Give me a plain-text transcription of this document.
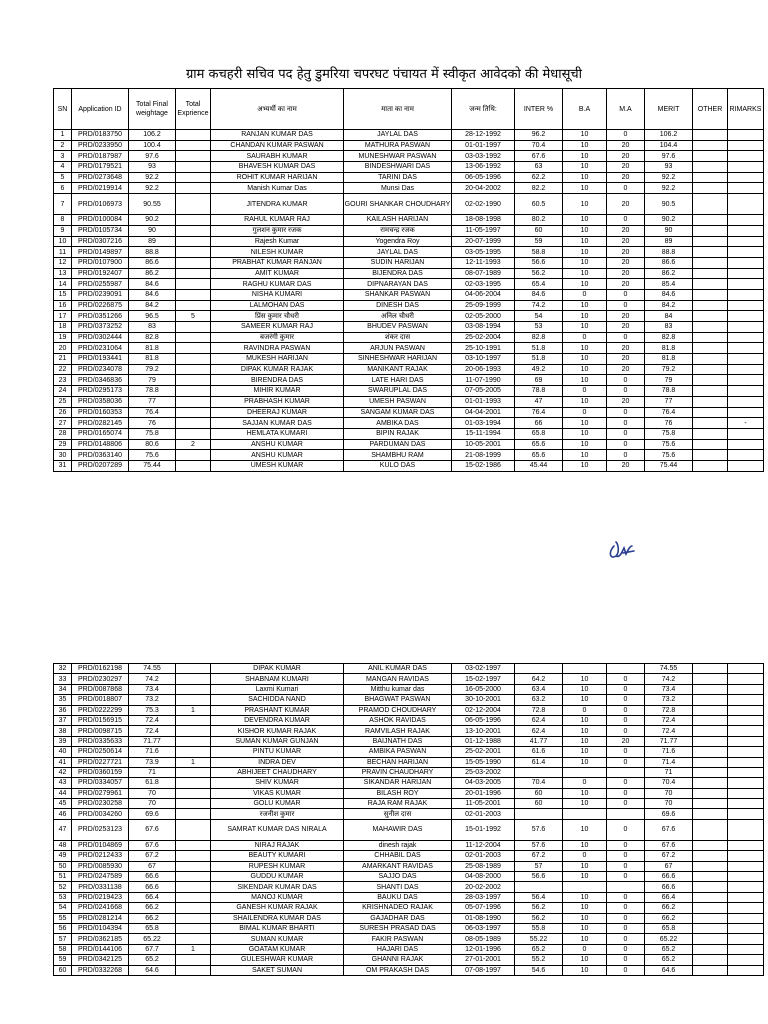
ग्राम कचहरी सचिव पद हेतु डुमरिया चपरघट पंचायत में स्वीकृत आवेदको की मेधासूची
SN	Application ID	Total Final weightage	Total Exprience	अभ्यर्थी का नाम	माता का नाम	जन्म तिथि:	INTER %	B.A	M.A	MERIT	OTHER	RIMARKS
1	PRD/0183750	106.2		RANJAN KUMAR DAS	JAYLAL DAS	28-12-1992	96.2	10	0	106.2		
2	PRD/0233950	100.4		CHANDAN KUMAR PASWAN	MATHURA PASWAN	01-01-1997	70.4	10	20	104.4		
3	PRD/0187987	97.6		SAURABH KUMAR	MUNESHWAR PASWAN	03-03-1992	67.6	10	20	97.6		
4	PRD/0179521	93		BHAVESH KUMAR DAS	BINDESHWARI DAS	13-06-1992	63	10	20	93		
5	PRD/0273648	92.2		ROHIT KUMAR HARIJAN	TARINI DAS	06-05-1996	62.2	10	20	92.2		
6	PRD/0219914	92.2		Manish Kumar Das	Munsi Das	20-04-2002	82.2	10	0	92.2		
7	PRD/0106973	90.55		JITENDRA KUMAR	GOURI SHANKAR CHOUDHARY	02-02-1990	60.5	10	20	90.5		
8	PRD/0100084	90.2		RAHUL KUMAR RAJ	KAILASH HARIJAN	18-08-1998	80.2	10	0	90.2		
9	PRD/0105734	90		गुलशन कुमार रजक	रामचन्द्र रजक	11-05-1997	60	10	20	90		
10	PRD/0307216	89		Rajesh Kumar	Yogendra Roy	20-07-1999	59	10	20	89		
11	PRD/0149897	88.8		NILESH KUMAR	JAYLAL DAS	03-05-1995	58.8	10	20	88.8		
12	PRD/0107900	86.6		PRABHAT KUMAR RANJAN	SUDIN HARIJAN	12-11-1993	56.6	10	20	86.6		
13	PRD/0192407	86.2		AMIT KUMAR	BIJENDRA DAS	08-07-1989	56.2	10	20	86.2		
14	PRD/0255987	84.6		RAGHU KUMAR DAS	DIPNARAYAN DAS	02-03-1995	65.4	10	20	85.4		
15	PRD/0239091	84.6		NISHA KUMARI	SHANKAR PASWAN	04-06-2004	84.6	0	0	84.6		
16	PRD/0226875	84.2		LALMOHAN DAS	DINESH DAS	25-09-1999	74.2	10	0	84.2		
17	PRD/0351266	96.5	5	प्रिंस कुमार चौधरी	अनिल चौधरी	02-05-2000	54	10	20	84		
18	PRD/0373252	83		SAMEER KUMAR RAJ	BHUDEV PASWAN	03-08-1994	53	10	20	83		
19	PRD/0302444	82.8		बजरंगी कुमार	शंकर दास	25-02-2004	82.8	0	0	82.8		
20	PRD/0231064	81.8		RAVINDRA PASWAN	ARJUN PASWAN	25-10-1991	51.8	10	20	81.8		
21	PRD/0193441	81.8		MUKESH HARIJAN	SINHESHWAR HARIJAN	03-10-1997	51.8	10	20	81.8		
22	PRD/0234078	79.2		DIPAK KUMAR RAJAK	MANIKANT RAJAK	20-06-1993	49.2	10	20	79.2		
23	PRD/0346836	79		BIRENDRA DAS	LATE HARI DAS	11-07-1990	69	10	0	79		
24	PRD/0295173	78.8		MIHIR KUMAR	SWARUPLAL DAS	07-05-2005	78.8	0	0	78.8		
25	PRD/0358036	77		PRABHASH KUMAR	UMESH PASWAN	01-01-1993	47	10	20	77		
26	PRD/0160353	76.4		DHEERAJ KUMAR	SANGAM KUMAR DAS	04-04-2001	76.4	0	0	76.4		
27	PRD/0282145	76		SAJJAN KUMAR DAS	AMBIKA DAS	01-03-1994	66	10	0	76		-
28	PRD/0165074	75.8		HEMLATA KUMARI	BIPIN RAJAK	15-11-1994	65.8	10	0	75.8		
29	PRD/0148806	80.6	2	ANSHU KUMAR	PARDUMAN DAS	10-05-2001	65.6	10	0	75.6		
30	PRD/0363140	75.6		ANSHU KUMAR	SHAMBHU RAM	21-08-1999	65.6	10	0	75.6		
31	PRD/0207289	75.44		UMESH KUMAR	KULO DAS	15-02-1986	45.44	10	20	75.44		
32	PRD/0162198	74.55		DIPAK KUMAR	ANIL KUMAR DAS	03-02-1997				74.55		
33	PRD/0230297	74.2		SHABNAM KUMARI	MANGAN RAVIDAS	15-02-1997	64.2	10	0	74.2		
34	PRD/0087868	73.4		Laxmi Kumari	Mitthu kumar das	16-05-2000	63.4	10	0	73.4		
35	PRD/0018807	73.2		SACHIDDA NAND	BHAGWAT PASWAN	30-10-2001	63.2	10	0	73.2		
36	PRD/0222299	75.3	1	PRASHANT KUMAR	PRAMOD CHOUDHARY	02-12-2004	72.8	0	0	72.8		
37	PRD/0156915	72.4		DEVENDRA KUMAR	ASHOK RAVIDAS	06-05-1996	62.4	10	0	72.4		
38	PRD/0098715	72.4		KISHOR KUMAR RAJAK	RAMVILASH RAJAK	13-10-2001	62.4	10	0	72.4		
39	PRD/0335633	71.77		SUMAN KUMAR GUNJAN	BAIJNATH DAS	01-12-1988	41.77	10	20	71.77		
40	PRD/0250614	71.6		PINTU KUMAR	AMBIKA PASWAN	25-02-2001	61.6	10	0	71.6		
41	PRD/0227721	73.9	1	INDRA DEV	BECHAN HARIJAN	15-05-1990	61.4	10	0	71.4		
42	PRD/0360159	71		ABHIJEET CHAUDHARY	PRAVIN CHAUDHARY	25-03-2002				71		
43	PRD/0334057	61.8		SHIV KUMAR	SIKANDAR HARIJAN	04-03-2005	70.4	0	0	70.4		
44	PRD/0279961	70		VIKAS KUMAR	BILASH ROY	20-01-1996	60	10	0	70		
45	PRD/0230258	70		GOLU KUMAR	RAJA RAM RAJAK	11-05-2001	60	10	0	70		
46	PRD/0034260	69.6		रजनीश कुमार	सुनील दास	02-01-2003				69.6		
47	PRD/0253123	67.6		SAMRAT KUMAR DAS NIRALA	MAHAWIR DAS	15-01-1992	57.6	10	0	67.6		
48	PRD/0104869	67.6		NIRAJ RAJAK	dinesh rajak	11-12-2004	57.6	10	0	67.6		
49	PRD/0212433	67.2		BEAUTY KUMARI	CHHABIL DAS	02-01-2003	67.2	0	0	67.2		
50	PRD/0085930	67		RUPESH KUMAR	AMARKANT RAVIDAS	25-08-1989	57	10	0	67		
51	PRD/0247589	66.6		GUDDU KUMAR	SAJJO DAS	04-08-2000	56.6	10	0	66.6		
52	PRD/0331138	66.6		SIKENDAR KUMAR DAS	SHANTI DAS	20-02-2002				66.6		
53	PRD/0219423	66.4		MANOJ KUMAR	BAUKU DAS	28-03-1997	56.4	10	0	66.4		
54	PRD/0241668	66.2		GANESH KUMAR RAJAK	KRISHNADEO RAJAK	05-07-1996	56.2	10	0	66.2		
55	PRD/0281214	66.2		SHAILENDRA KUMAR DAS	GAJADHAR DAS	01-08-1990	56.2	10	0	66.2		
56	PRD/0104394	65.8		BIMAL KUMAR BHARTI	SURESH PRASAD DAS	06-03-1997	55.8	10	0	65.8		
57	PRD/0362185	65.22		SUMAN KUMAR	FAKIR PASWAN	08-05-1989	55.22	10	0	65.22		
58	PRD/0144106	67.7	1	GOATAM KUMAR	HAJARI DAS	12-01-1996	65.2	0	0	65.2		
59	PRD/0342125	65.2		GULESHWAR KUMAR	GHANNI RAJAK	27-01-2001	55.2	10	0	65.2		
60	PRD/0332268	64.6		SAKET SUMAN	OM PRAKASH DAS	07-08-1997	54.6	10	0	64.6		
